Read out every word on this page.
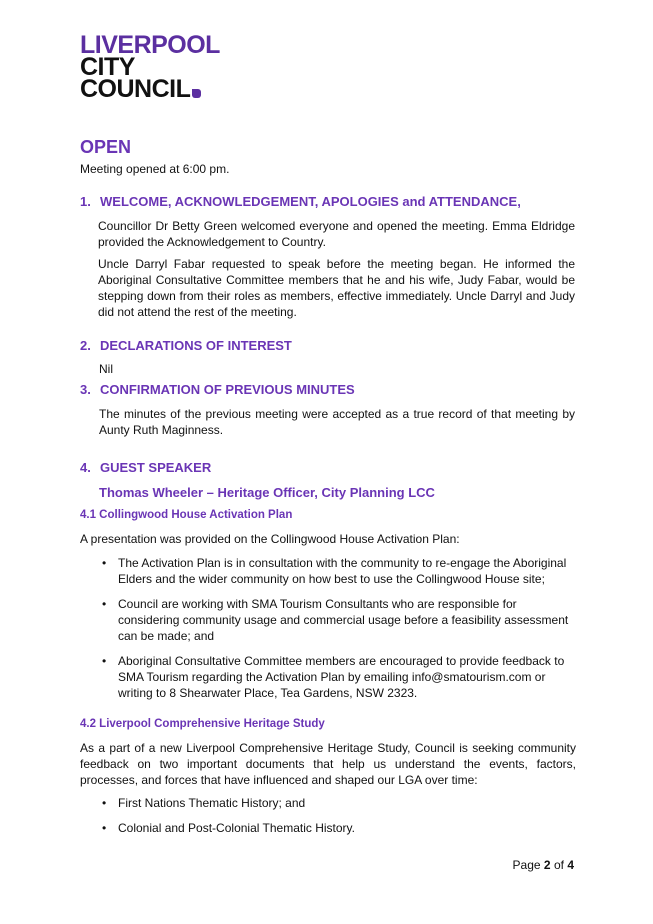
LIVERPOOL
CITY
COUNCIL
OPEN
Meeting opened at 6:00 pm.
1. WELCOME, ACKNOWLEDGEMENT, APOLOGIES and ATTENDANCE,
Councillor Dr Betty Green welcomed everyone and opened the meeting. Emma Eldridge provided the Acknowledgement to Country.
Uncle Darryl Fabar requested to speak before the meeting began. He informed the Aboriginal Consultative Committee members that he and his wife, Judy Fabar, would be stepping down from their roles as members, effective immediately. Uncle Darryl and Judy did not attend the rest of the meeting.
2. DECLARATIONS OF INTEREST
Nil
3. CONFIRMATION OF PREVIOUS MINUTES
The minutes of the previous meeting were accepted as a true record of that meeting by Aunty Ruth Maginness.
4. GUEST SPEAKER
Thomas Wheeler – Heritage Officer, City Planning LCC
4.1 Collingwood House Activation Plan
A presentation was provided on the Collingwood House Activation Plan:
• The Activation Plan is in consultation with the community to re-engage the Aboriginal Elders and the wider community on how best to use the Collingwood House site;
• Council are working with SMA Tourism Consultants who are responsible for considering community usage and commercial usage before a feasibility assessment can be made; and
• Aboriginal Consultative Committee members are encouraged to provide feedback to SMA Tourism regarding the Activation Plan by emailing info@smatourism.com or writing to 8 Shearwater Place, Tea Gardens, NSW 2323.
4.2 Liverpool Comprehensive Heritage Study
As a part of a new Liverpool Comprehensive Heritage Study, Council is seeking community feedback on two important documents that help us understand the events, factors, processes, and forces that have influenced and shaped our LGA over time:
• First Nations Thematic History; and
• Colonial and Post-Colonial Thematic History.
Page 2 of 4
